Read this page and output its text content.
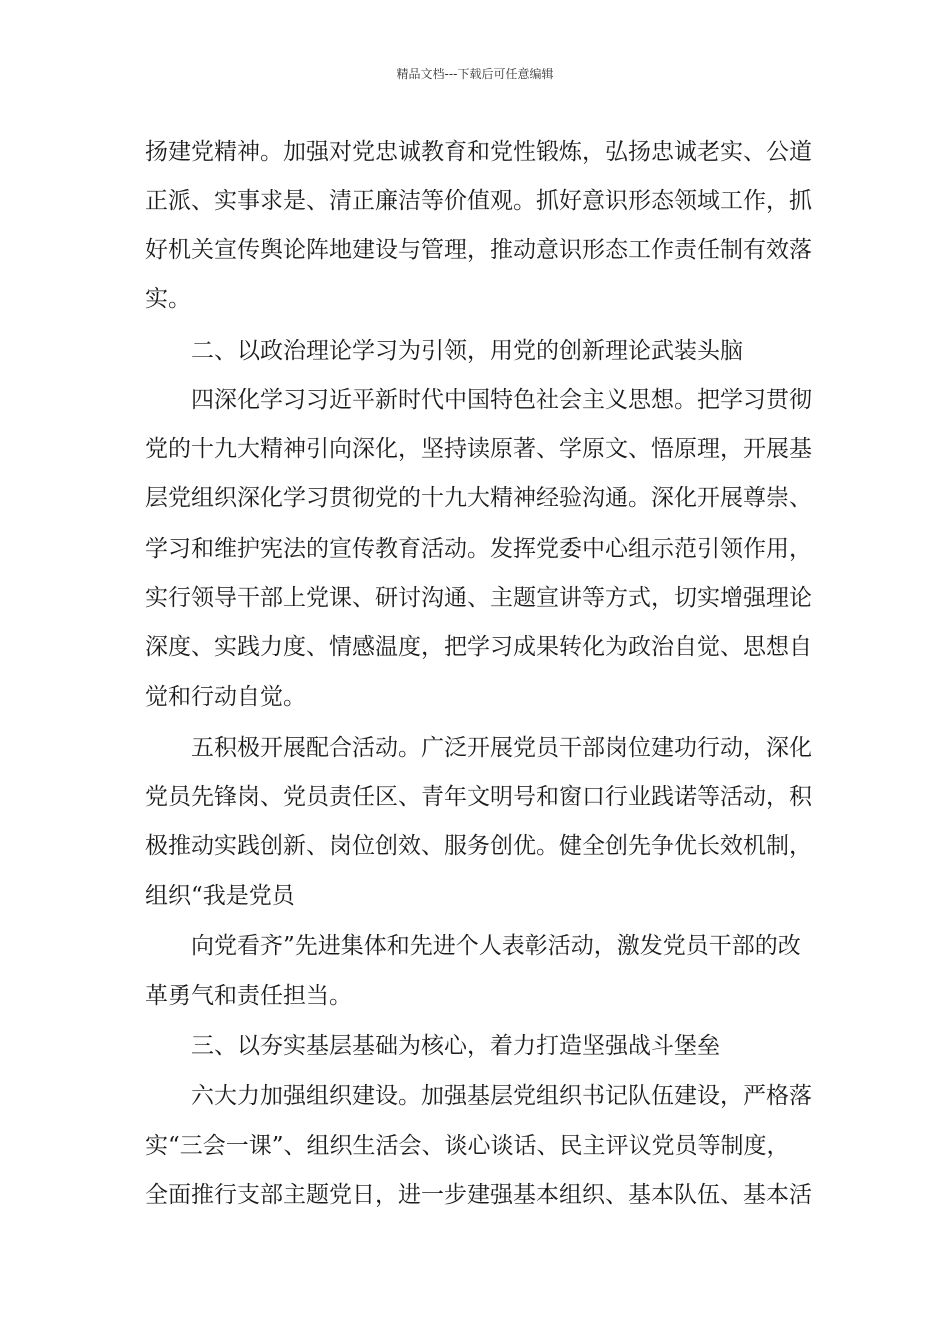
精品文档---下载后可任意编辑
扬建党精神。加强对党忠诚教育和党性锻炼，弘扬忠诚老实、公道
正派、实事求是、清正廉洁等价值观。抓好意识形态领域工作，抓
好机关宣传舆论阵地建设与管理，推动意识形态工作责任制有效落
实。
二、以政治理论学习为引领，用党的创新理论武装头脑
四深化学习习近平新时代中国特色社会主义思想。把学习贯彻
党的十九大精神引向深化，坚持读原著、学原文、悟原理，开展基
层党组织深化学习贯彻党的十九大精神经验沟通。深化开展尊崇、
学习和维护宪法的宣传教育活动。发挥党委中心组示范引领作用，
实行领导干部上党课、研讨沟通、主题宣讲等方式，切实增强理论
深度、实践力度、情感温度，把学习成果转化为政治自觉、思想自
觉和行动自觉。
五积极开展配合活动。广泛开展党员干部岗位建功行动，深化
党员先锋岗、党员责任区、青年文明号和窗口行业践诺等活动，积
极推动实践创新、岗位创效、服务创优。健全创先争优长效机制，
组织“我是党员
向党看齐”先进集体和先进个人表彰活动，激发党员干部的改
革勇气和责任担当。
三、以夯实基层基础为核心，着力打造坚强战斗堡垒
六大力加强组织建设。加强基层党组织书记队伍建设，严格落
实“三会一课”、组织生活会、谈心谈话、民主评议党员等制度，
全面推行支部主题党日，进一步建强基本组织、基本队伍、基本活
